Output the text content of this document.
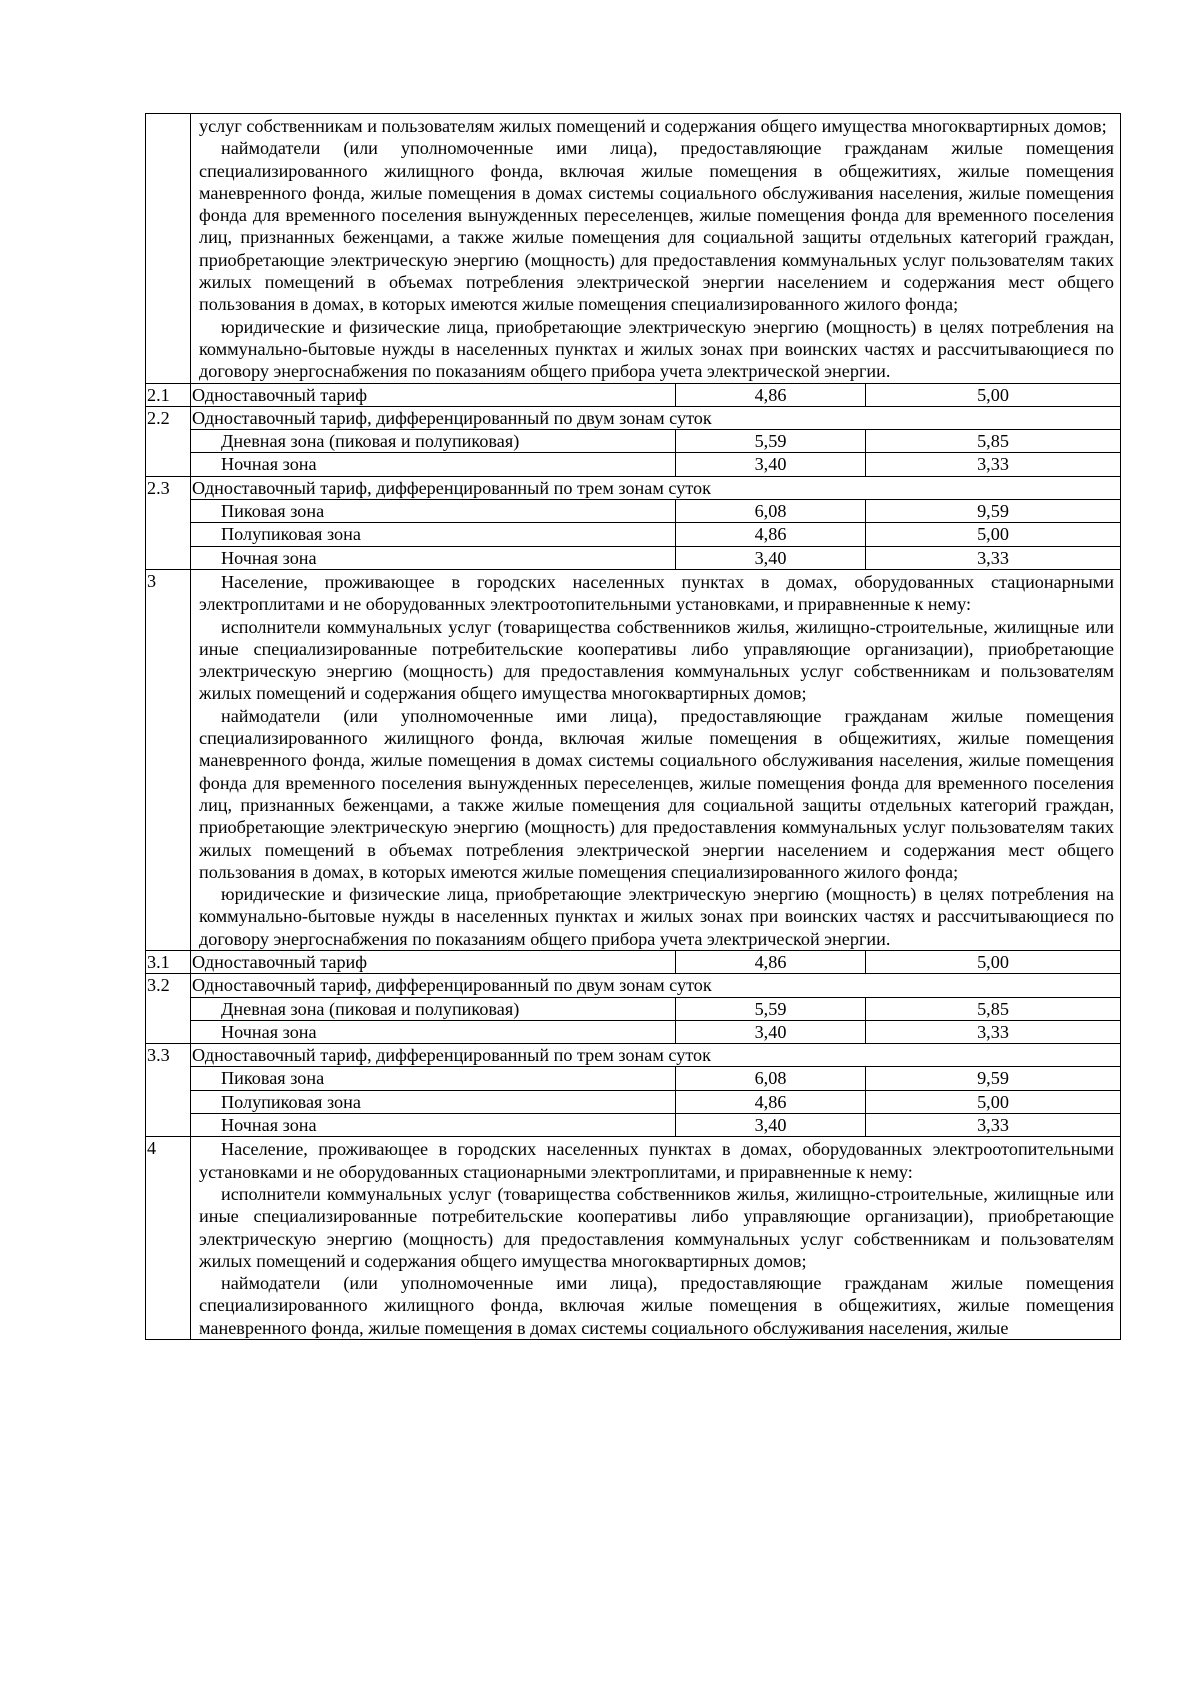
	услуг собственникам и пользователям жилых помещений и содержания общего имущества многоквартирных домов;

наймодатели (или уполномоченные ими лица), предоставляющие гражданам жилые помещения специализированного жилищного фонда, включая жилые помещения в общежитиях, жилые помещения маневренного фонда, жилые помещения в домах системы социального обслуживания населения, жилые помещения фонда для временного поселения вынужденных переселенцев, жилые помещения фонда для временного поселения лиц, признанных беженцами, а также жилые помещения для социальной защиты отдельных категорий граждан, приобретающие электрическую энергию (мощность) для предоставления коммунальных услуг пользователям таких жилых помещений в объемах потребления электрической энергии населением и содержания мест общего пользования в домах, в которых имеются жилые помещения специализированного жилого фонда;

юридические и физические лица, приобретающие электрическую энергию (мощность) в целях потребления на коммунально-бытовые нужды в населенных пунктах и жилых зонах при воинских частях и рассчитывающиеся по договору энергоснабжения по показаниям общего прибора учета электрической энергии.		

2.1	Одноставочный тариф	4,86	5,00
2.2	Одноставочный тариф, дифференцированный по двум зонам суток		
	Дневная зона (пиковая и полупиковая)	5,59	5,85
	Ночная зона	3,40	3,33
2.3	Одноставочный тариф, дифференцированный по трем зонам суток		
	Пиковая зона	6,08	9,59
	Полупиковая зона	4,86	5,00
	Ночная зона	3,40	3,33
3	Население, проживающее в городских населенных пунктах в домах, оборудованных стационарными электроплитами и не оборудованных электроотопительными установками, и приравненные к нему:

исполнители коммунальных услуг (товарищества собственников жилья, жилищно-строительные, жилищные или иные специализированные потребительские кооперативы либо управляющие организации), приобретающие электрическую энергию (мощность) для предоставления коммунальных услуг собственникам и пользователям жилых помещений и содержания общего имущества многоквартирных домов;

наймодатели (или уполномоченные ими лица), предоставляющие гражданам жилые помещения специализированного жилищного фонда, включая жилые помещения в общежитиях, жилые помещения маневренного фонда, жилые помещения в домах системы социального обслуживания населения, жилые помещения фонда для временного поселения вынужденных переселенцев, жилые помещения фонда для временного поселения лиц, признанных беженцами, а также жилые помещения для социальной защиты отдельных категорий граждан, приобретающие электрическую энергию (мощность) для предоставления коммунальных услуг пользователям таких жилых помещений в объемах потребления электрической энергии населением и содержания мест общего пользования в домах, в которых имеются жилые помещения специализированного жилого фонда;

юридические и физические лица, приобретающие электрическую энергию (мощность) в целях потребления на коммунально-бытовые нужды в населенных пунктах и жилых зонах при воинских частях и рассчитывающиеся по договору энергоснабжения по показаниям общего прибора учета электрической энергии.		

3.1	Одноставочный тариф	4,86	5,00
3.2	Одноставочный тариф, дифференцированный по двум зонам суток		
	Дневная зона (пиковая и полупиковая)	5,59	5,85
	Ночная зона	3,40	3,33
3.3	Одноставочный тариф, дифференцированный по трем зонам суток		
	Пиковая зона	6,08	9,59
	Полупиковая зона	4,86	5,00
	Ночная зона	3,40	3,33
4	Население, проживающее в городских населенных пунктах в домах, оборудованных электроотопительными установками и не оборудованных стационарными электроплитами, и приравненные к нему:

исполнители коммунальных услуг (товарищества собственников жилья, жилищно-строительные, жилищные или иные специализированные потребительские кооперативы либо управляющие организации), приобретающие электрическую энергию (мощность) для предоставления коммунальных услуг собственникам и пользователям жилых помещений и содержания общего имущества многоквартирных домов;

наймодатели (или уполномоченные ими лица), предоставляющие гражданам жилые помещения специализированного жилищного фонда, включая жилые помещения в общежитиях, жилые помещения маневренного фонда, жилые помещения в домах системы социального обслуживания населения, жилые		
